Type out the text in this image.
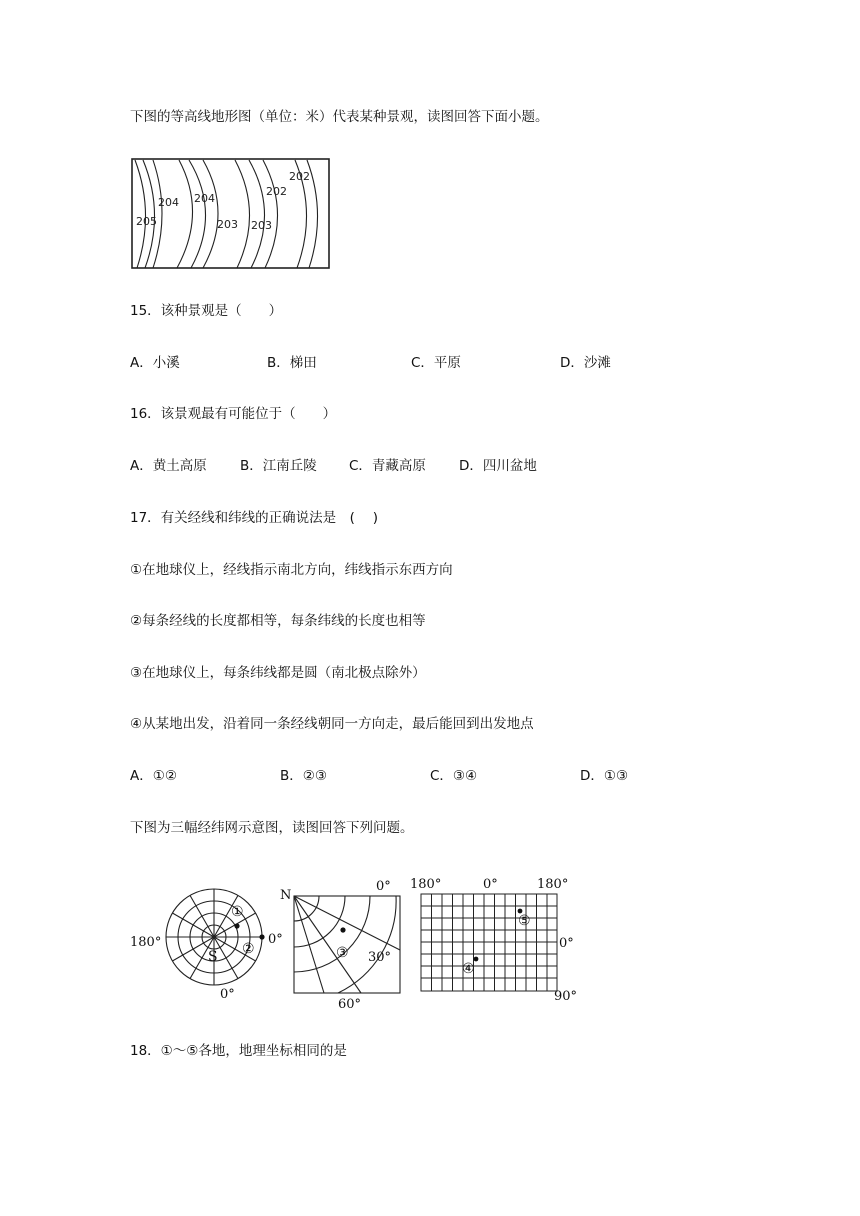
下图的等高线地形图（单位：米）代表某种景观，读图回答下面小题。
202
202
204
204
205	203 203
15．该种景观是（　　）
A．小溪	B．梯田	C．平原	D．沙滩
16．该景观最有可能位于（　　）
A．黄土高原 B．江南丘陵 C．青藏高原 D．四川盆地
17．有关经线和纬线的正确说法是　(　 )
①在地球仪上，经线指示南北方向，纬线指示东西方向
②每条经线的长度都相等，每条纬线的长度也相等
③在地球仪上，每条纬线都是圆（南北极点除外）
④从某地出发，沿着同一条经线朝同一方向走，最后能回到出发地点
A．①②	B．②③	C．③④	D．①③
下图为三幅经纬网示意图，读图回答下列问题。
180°	0°
0°
S
①
②
N
0°
30°
60°
③
180°	0°	180°
0°
90°
⑤
④
18．①～⑤各地，地理坐标相同的是
